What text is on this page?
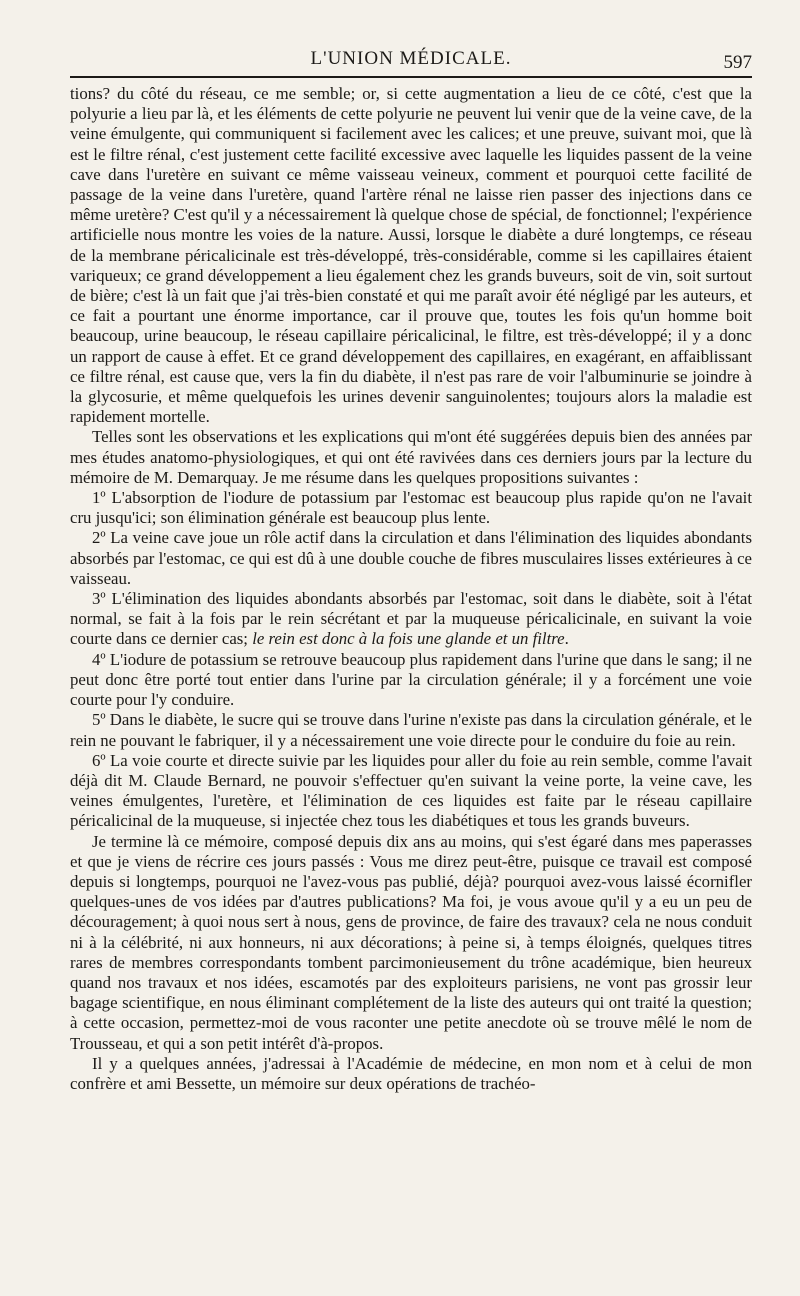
L'UNION MÉDICALE.	597

tions? du côté du réseau, ce me semble; or, si cette augmentation a lieu de ce côté, c'est que la polyurie a lieu par là, et les éléments de cette polyurie ne peuvent lui venir que de la veine cave, de la veine émulgente, qui communiquent si facilement avec les calices; et une preuve, suivant moi, que là est le filtre rénal, c'est justement cette facilité excessive avec laquelle les liquides passent de la veine cave dans l'uretère en suivant ce même vaisseau veineux, comment et pourquoi cette facilité de passage de la veine dans l'uretère, quand l'artère rénal ne laisse rien passer des injections dans ce même uretère? C'est qu'il y a nécessairement là quelque chose de spécial, de fonctionnel; l'expérience artificielle nous montre les voies de la nature. Aussi, lorsque le diabète a duré longtemps, ce réseau de la membrane péricalicinale est très-développé, très-considérable, comme si les capillaires étaient variqueux; ce grand développement a lieu également chez les grands buveurs, soit de vin, soit surtout de bière; c'est là un fait que j'ai très-bien constaté et qui me paraît avoir été négligé par les auteurs, et ce fait a pourtant une énorme importance, car il prouve que, toutes les fois qu'un homme boit beaucoup, urine beaucoup, le réseau capillaire péricalicinal, le filtre, est très-développé; il y a donc un rapport de cause à effet. Et ce grand développement des capillaires, en exagérant, en affaiblissant ce filtre rénal, est cause que, vers la fin du diabète, il n'est pas rare de voir l'albuminurie se joindre à la glycosurie, et même quelquefois les urines devenir sanguinolentes; toujours alors la maladie est rapidement mortelle.

Telles sont les observations et les explications qui m'ont été suggérées depuis bien des années par mes études anatomo-physiologiques, et qui ont été ravivées dans ces derniers jours par la lecture du mémoire de M. Demarquay. Je me résume dans les quelques propositions suivantes :

1º L'absorption de l'iodure de potassium par l'estomac est beaucoup plus rapide qu'on ne l'avait cru jusqu'ici; son élimination générale est beaucoup plus lente.

2º La veine cave joue un rôle actif dans la circulation et dans l'élimination des liquides abondants absorbés par l'estomac, ce qui est dû à une double couche de fibres musculaires lisses extérieures à ce vaisseau.

3º L'élimination des liquides abondants absorbés par l'estomac, soit dans le diabète, soit à l'état normal, se fait à la fois par le rein sécrétant et par la muqueuse péricalicinale, en suivant la voie courte dans ce dernier cas; le rein est donc à la fois une glande et un filtre.

4º L'iodure de potassium se retrouve beaucoup plus rapidement dans l'urine que dans le sang; il ne peut donc être porté tout entier dans l'urine par la circulation générale; il y a forcément une voie courte pour l'y conduire.

5º Dans le diabète, le sucre qui se trouve dans l'urine n'existe pas dans la circulation générale, et le rein ne pouvant le fabriquer, il y a nécessairement une voie directe pour le conduire du foie au rein.

6º La voie courte et directe suivie par les liquides pour aller du foie au rein semble, comme l'avait déjà dit M. Claude Bernard, ne pouvoir s'effectuer qu'en suivant la veine porte, la veine cave, les veines émulgentes, l'uretère, et l'élimination de ces liquides est faite par le réseau capillaire péricalicinal de la muqueuse, si injectée chez tous les diabétiques et tous les grands buveurs.

Je termine là ce mémoire, composé depuis dix ans au moins, qui s'est égaré dans mes paperasses et que je viens de récrire ces jours passés : Vous me direz peut-être, puisque ce travail est composé depuis si longtemps, pourquoi ne l'avez-vous pas publié, déjà? pourquoi avez-vous laissé écornifler quelques-unes de vos idées par d'autres publications? Ma foi, je vous avoue qu'il y a eu un peu de découragement; à quoi nous sert à nous, gens de province, de faire des travaux? cela ne nous conduit ni à la célébrité, ni aux honneurs, ni aux décorations; à peine si, à temps éloignés, quelques titres rares de membres correspondants tombent parcimonieusement du trône académique, bien heureux quand nos travaux et nos idées, escamotés par des exploiteurs parisiens, ne vont pas grossir leur bagage scientifique, en nous éliminant complétement de la liste des auteurs qui ont traité la question; à cette occasion, permettez-moi de vous raconter une petite anecdote où se trouve mêlé le nom de Trousseau, et qui a son petit intérêt d'à-propos.

Il y a quelques années, j'adressai à l'Académie de médecine, en mon nom et à celui de mon confrère et ami Bessette, un mémoire sur deux opérations de trachéo-
